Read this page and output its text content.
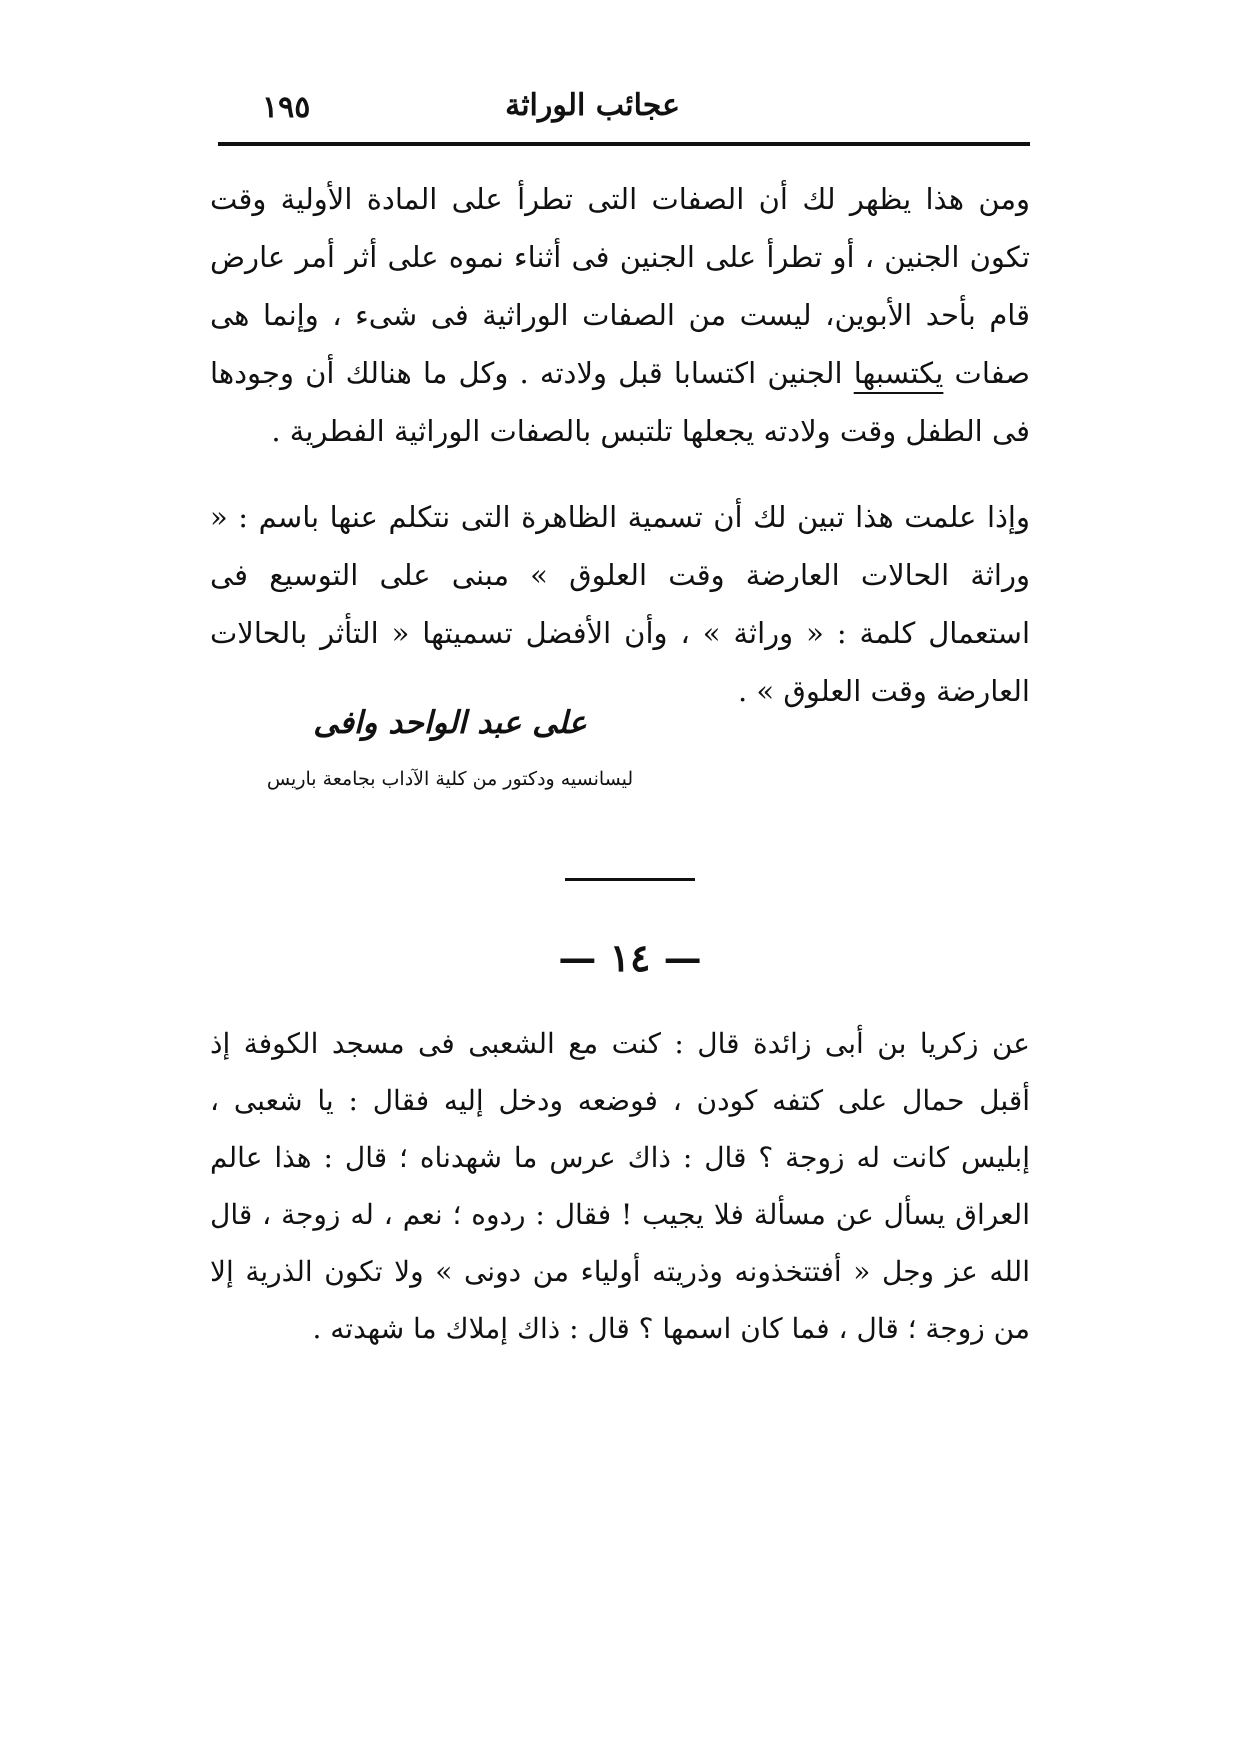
عجائب الوراثة
١٩٥

ومن هذا يظهر لك أن الصفات التى تطرأ على المادة الأولية وقت تكون الجنين ، أو تطرأ على الجنين فى أثناء نموه على أثر أمر عارض قام بأحد الأبوين، ليست من الصفات الوراثية فى شىء ، وإنما هى صفات يكتسبها الجنين اكتسابا قبل ولادته . وكل ما هنالك أن وجودها فى الطفل وقت ولادته يجعلها تلتبس بالصفات الوراثية الفطرية .

وإذا علمت هذا تبين لك أن تسمية الظاهرة التى نتكلم عنها باسم : « وراثة الحالات العارضة وقت العلوق » مبنى على التوسيع فى استعمال كلمة : « وراثة » ، وأن الأفضل تسميتها « التأثر بالحالات العارضة وقت العلوق » .

على عبد الواحد وافى
ليسانسيه ودكتور من كلية الآداب بجامعة باريس
— ١٤ —

عن زكريا بن أبى زائدة قال : كنت مع الشعبى فى مسجد الكوفة إذ أقبل حمال على كتفه كودن ، فوضعه ودخل إليه فقال : يا شعبى ، إبليس كانت له زوجة ؟ قال : ذاك عرس ما شهدناه ؛ قال : هذا عالم العراق يسأل عن مسألة فلا يجيب ! فقال : ردوه ؛ نعم ، له زوجة ، قال الله عز وجل « أفتتخذونه وذريته أولياء من دونى » ولا تكون الذرية إلا من زوجة ؛ قال ، فما كان اسمها ؟ قال : ذاك إملاك ما شهدته .
